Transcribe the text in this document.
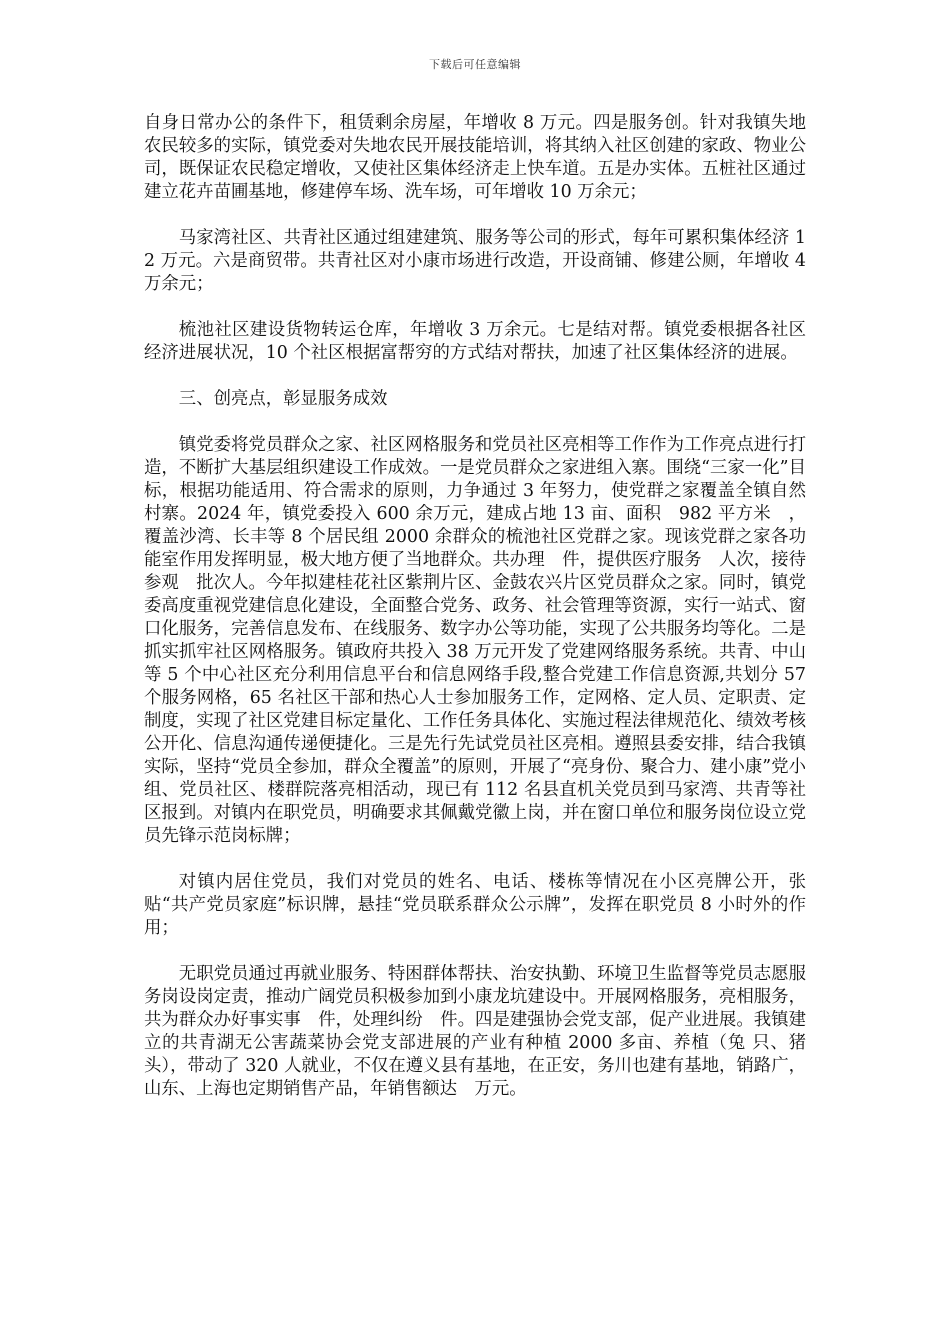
下载后可任意编辑

自身日常办公的条件下，租赁剩余房屋，年增收 8 万元。四是服务创。针对我镇失地农民较多的实际，镇党委对失地农民开展技能培训，将其纳入社区创建的家政、物业公司，既保证农民稳定增收，又使社区集体经济走上快车道。五是办实体。五桩社区通过建立花卉苗圃基地，修建停车场、洗车场，可年增收 10 万余元；

马家湾社区、共青社区通过组建建筑、服务等公司的形式，每年可累积集体经济 12 万元。六是商贸带。共青社区对小康市场进行改造，开设商铺、修建公厕，年增收 4 万余元；

梳池社区建设货物转运仓库，年增收 3 万余元。七是结对帮。镇党委根据各社区经济进展状况，10 个社区根据富帮穷的方式结对帮扶，加速了社区集体经济的进展。

三、创亮点，彰显服务成效

镇党委将党员群众之家、社区网格服务和党员社区亮相等工作作为工作亮点进行打造，不断扩大基层组织建设工作成效。一是党员群众之家进组入寨。围绕“三家一化”目标，根据功能适用、符合需求的原则，力争通过 3 年努力，使党群之家覆盖全镇自然村寨。2024 年，镇党委投入 600 余万元，建成占地 13 亩、面积　982 平方米　，覆盖沙湾、长丰等 8 个居民组 2000 余群众的梳池社区党群之家。现该党群之家各功能室作用发挥明显，极大地方便了当地群众。共办理　件，提供医疗服务　人次，接待参观　批次人。今年拟建桂花社区紫荆片区、金鼓农兴片区党员群众之家。同时，镇党委高度重视党建信息化建设，全面整合党务、政务、社会管理等资源，实行一站式、窗口化服务，完善信息发布、在线服务、数字办公等功能，实现了公共服务均等化。二是抓实抓牢社区网格服务。镇政府共投入 38 万元开发了党建网络服务系统。共青、中山等 5 个中心社区充分利用信息平台和信息网络手段,整合党建工作信息资源,共划分 57 个服务网格，65 名社区干部和热心人士参加服务工作，定网格、定人员、定职责、定制度，实现了社区党建目标定量化、工作任务具体化、实施过程法律规范化、绩效考核公开化、信息沟通传递便捷化。三是先行先试党员社区亮相。遵照县委安排，结合我镇实际，坚持“党员全参加，群众全覆盖”的原则，开展了“亮身份、聚合力、建小康”党小组、党员社区、楼群院落亮相活动，现已有 112 名县直机关党员到马家湾、共青等社区报到。对镇内在职党员，明确要求其佩戴党徽上岗，并在窗口单位和服务岗位设立党员先锋示范岗标牌；

对镇内居住党员，我们对党员的姓名、电话、楼栋等情况在小区亮牌公开，张贴“共产党员家庭”标识牌，悬挂“党员联系群众公示牌”，发挥在职党员 8 小时外的作用；

无职党员通过再就业服务、特困群体帮扶、治安执勤、环境卫生监督等党员志愿服务岗设岗定责，推动广阔党员积极参加到小康龙坑建设中。开展网格服务，亮相服务，共为群众办好事实事　件，处理纠纷　件。四是建强协会党支部，促产业进展。我镇建立的共青湖无公害蔬菜协会党支部进展的产业有种植 2000 多亩、养植（兔 只、猪 头），带动了 320 人就业，不仅在遵义县有基地，在正安，务川也建有基地，销路广，山东、上海也定期销售产品，年销售额达　万元。
